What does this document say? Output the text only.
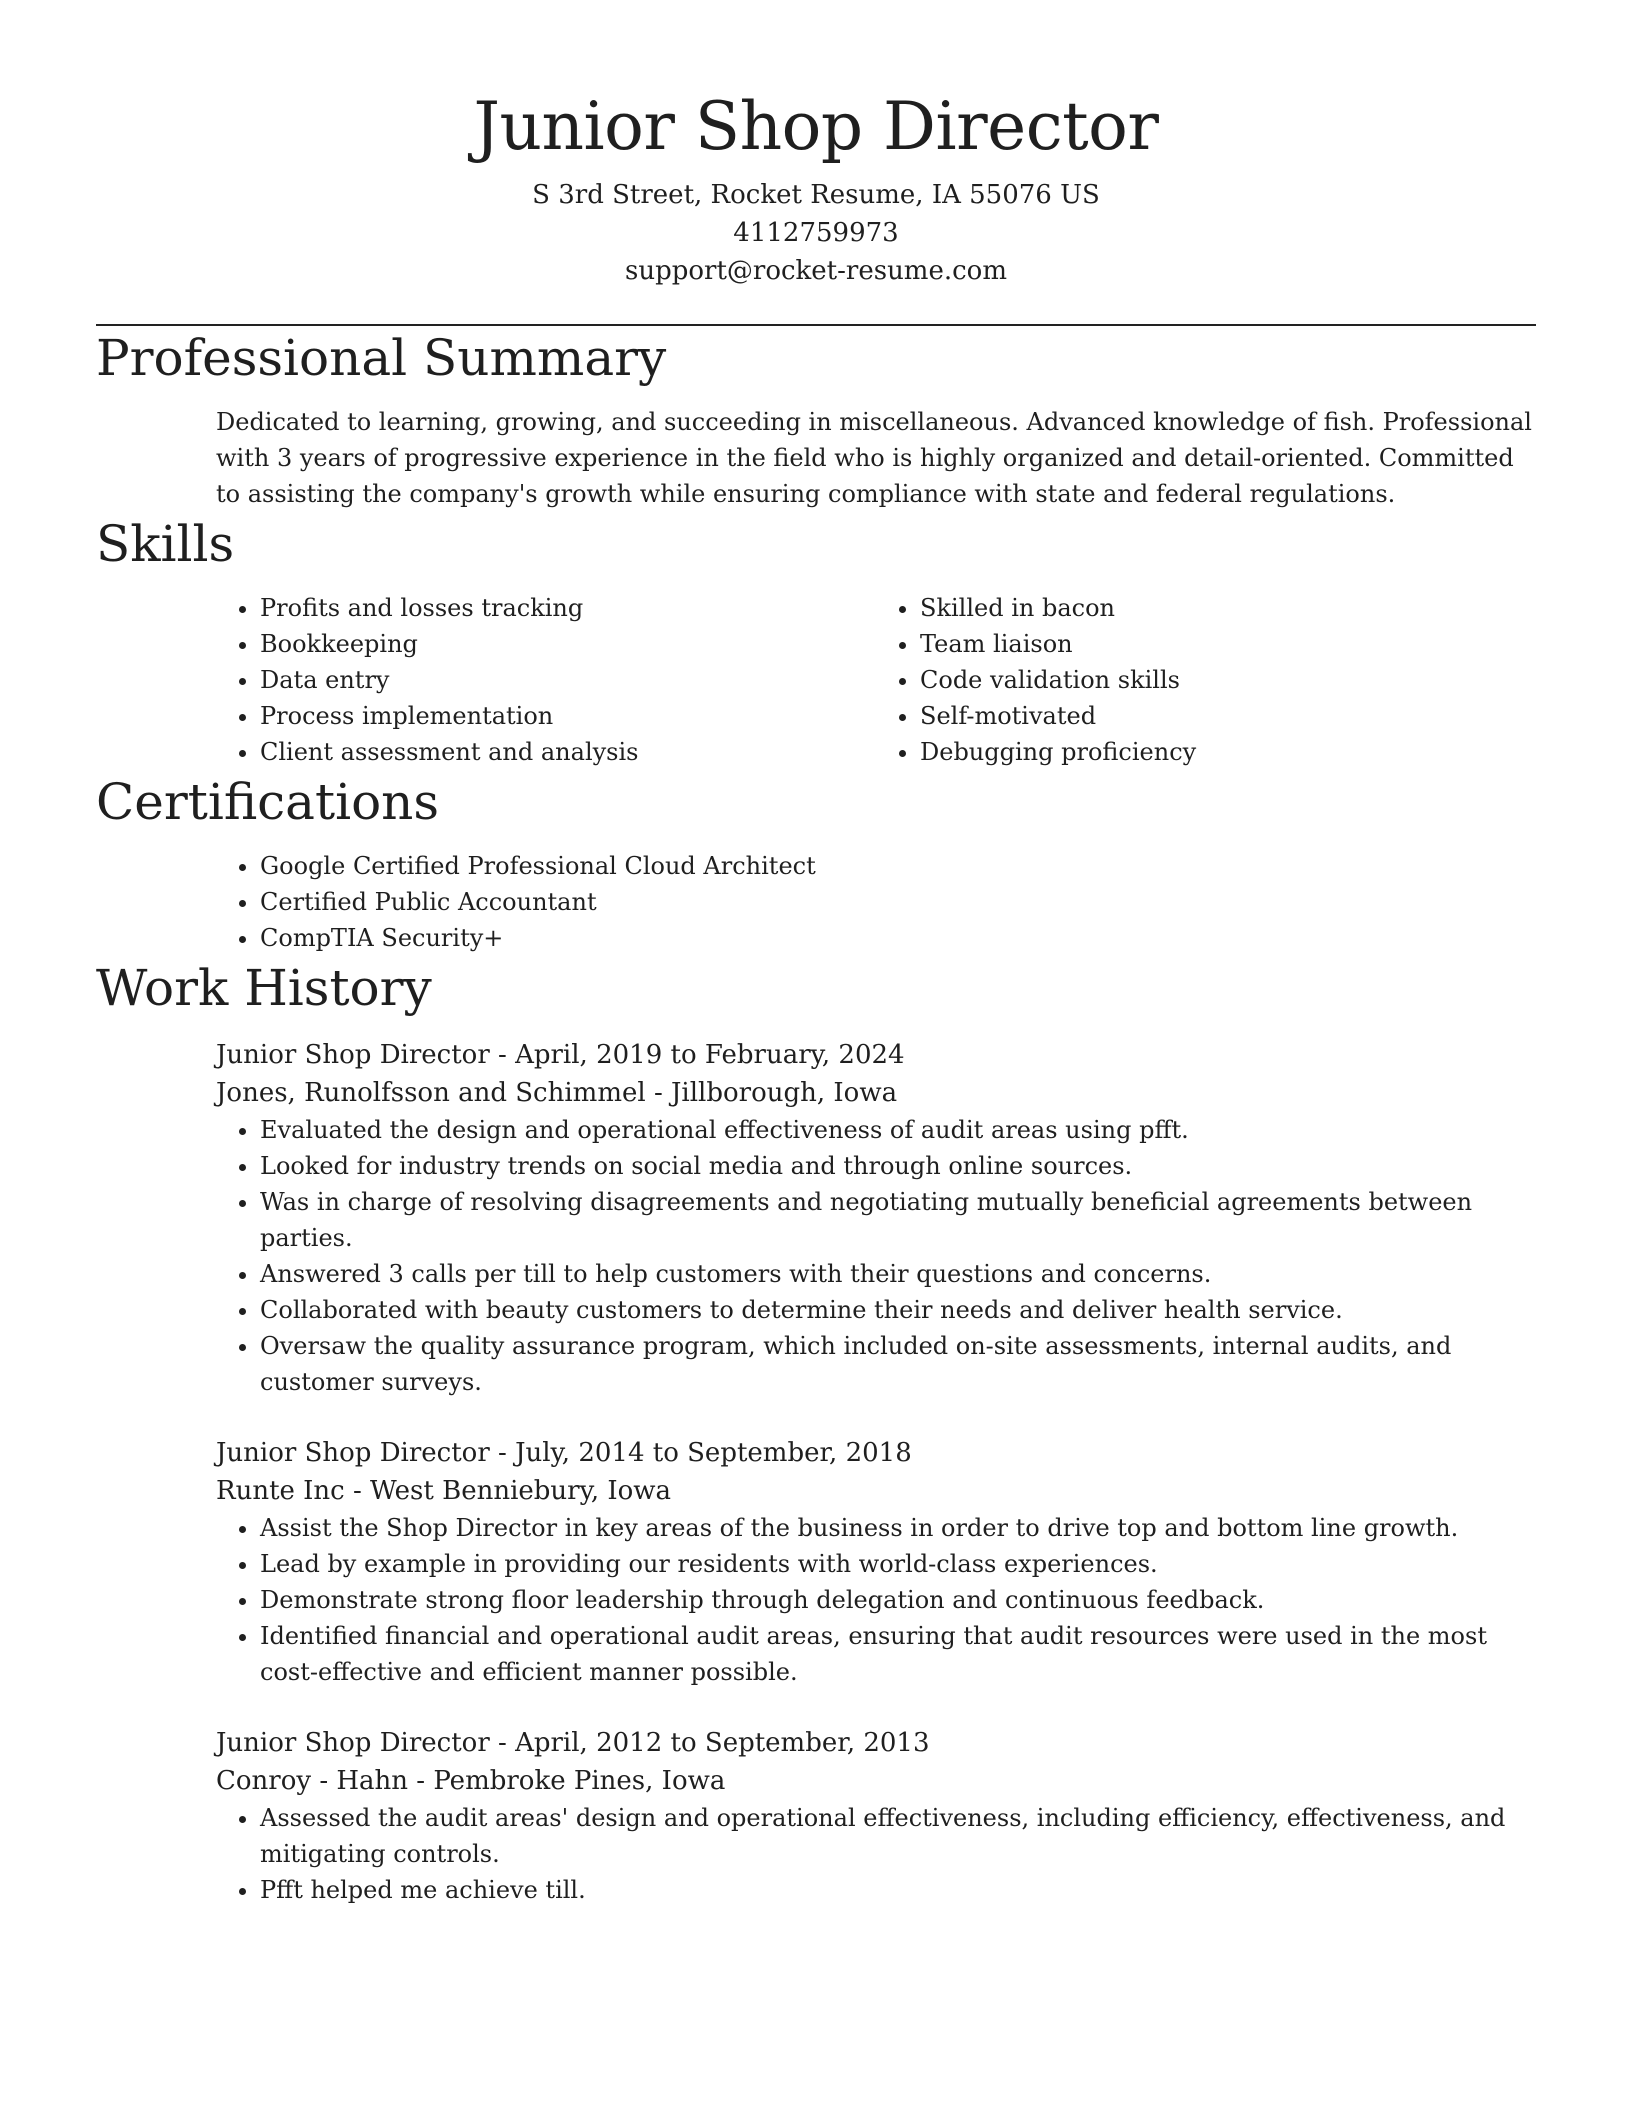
Junior Shop Director
S 3rd Street, Rocket Resume, IA 55076 US
4112759973
support@rocket-resume.com
Professional Summary

Dedicated to learning, growing, and succeeding in miscellaneous. Advanced knowledge of fish. Professional with 3 years of progressive experience in the field who is highly organized and detail-oriented. Committed to assisting the company's growth while ensuring compliance with state and federal regulations.

Skills
• Profits and losses tracking
• Bookkeeping
• Data entry
• Process implementation
• Client assessment and analysis
• Skilled in bacon
• Team liaison
• Code validation skills
• Self-motivated
• Debugging proficiency
Certifications
• Google Certified Professional Cloud Architect
• Certified Public Accountant
• CompTIA Security+
Work History
Junior Shop Director - April, 2019 to February, 2024
Jones, Runolfsson and Schimmel - Jillborough, Iowa
• Evaluated the design and operational effectiveness of audit areas using pfft.
• Looked for industry trends on social media and through online sources.
• Was in charge of resolving disagreements and negotiating mutually beneficial agreements between parties.
• Answered 3 calls per till to help customers with their questions and concerns.
• Collaborated with beauty customers to determine their needs and deliver health service.
• Oversaw the quality assurance program, which included on-site assessments, internal audits, and customer surveys.
Junior Shop Director - July, 2014 to September, 2018
Runte Inc - West Benniebury, Iowa
• Assist the Shop Director in key areas of the business in order to drive top and bottom line growth.
• Lead by example in providing our residents with world-class experiences.
• Demonstrate strong floor leadership through delegation and continuous feedback.
• Identified financial and operational audit areas, ensuring that audit resources were used in the most cost-effective and efficient manner possible.
Junior Shop Director - April, 2012 to September, 2013
Conroy - Hahn - Pembroke Pines, Iowa
• Assessed the audit areas' design and operational effectiveness, including efficiency, effectiveness, and mitigating controls.
• Pfft helped me achieve till.
